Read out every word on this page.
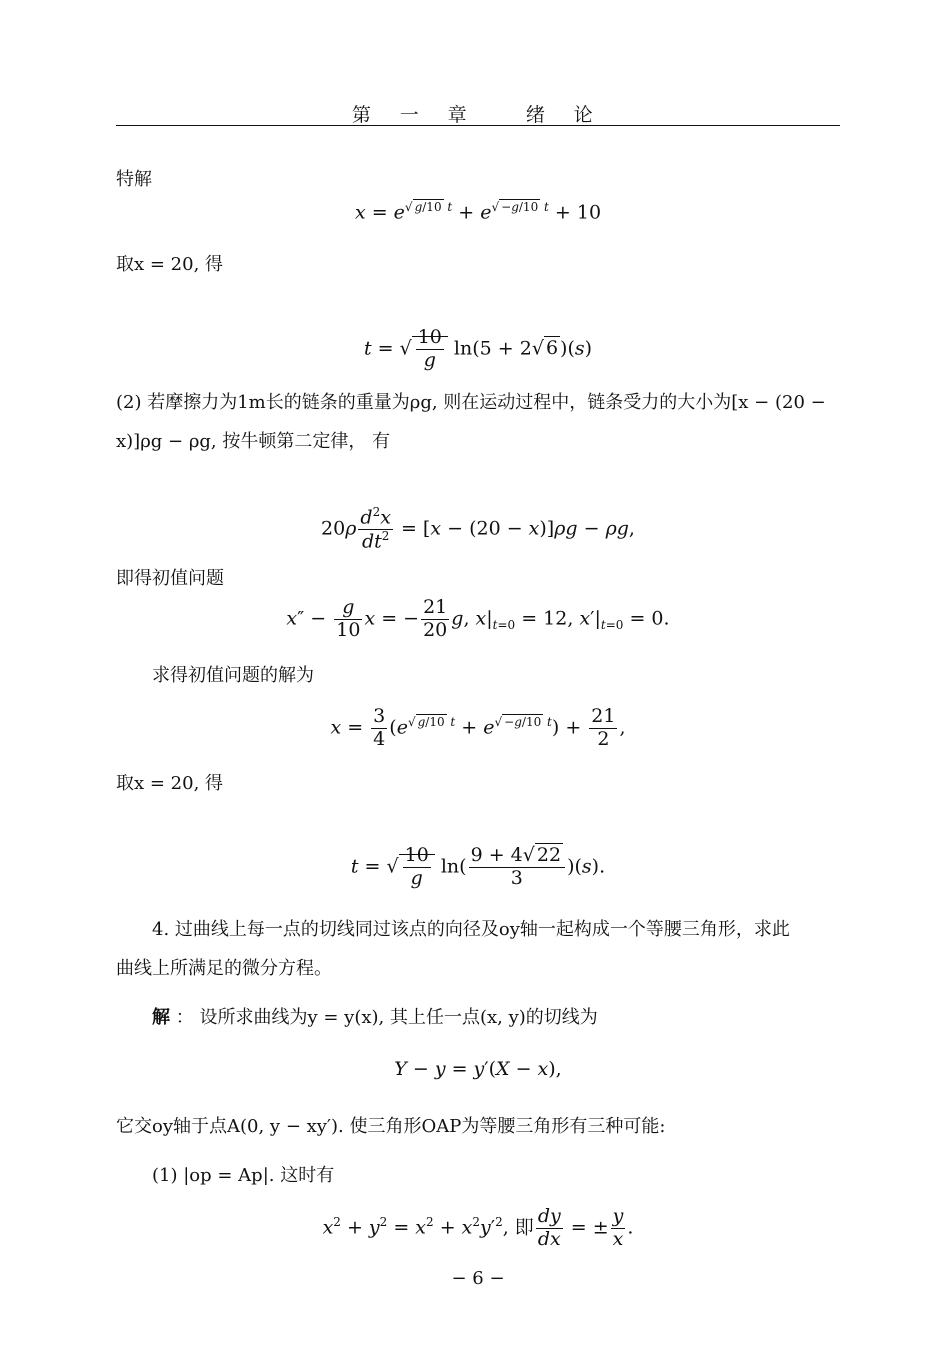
第 一 章　 绪 论
特解
$x = e^{√ g/10 t} + e^{√ -g/10 t} + 10$
取x = 20, 得
t = √ $\frac{10}{g} \ln(5 + 2√$ 6 )(s)
(2) 若摩擦力为1m长的链条的重量为ρg, 则在运动过程中，链条受力的大小为[x − (20 −
x)]ρg − ρg, 按牛顿第二定律， 有
$20\rho \frac{d^2x}{dt^2} = [x - (20 - x)]\rho g - \rho g$,
即得初值问题
$x'' - \frac{g}{10}$ x = − $\frac{21}{20} g$, $x|_{t=0} = 12$, $x'|_{t=0} = 0$.
求得初值问题的解为
$x = \frac{3}{4} (e^{√ g/10 t} + e^{√ -g/10 t}) + \frac{21}{2}$ ,
取x = 20, 得
t = √ $\frac{10}{g} \ln( \frac{9 + 4√ 22}{3} )(s)$.
4. 过曲线上每一点的切线同过该点的向径及oy轴一起构成一个等腰三角形，求此
曲线上所满足的微分方程。
解 ： 设所求曲线为y = y(x), 其上任一点(x, y)的切线为
Y − y = y′(X − x),
它交oy轴于点A(0, y − xy′). 使三角形OAP为等腰三角形有三种可能:
(1) |op = Ap|. 这时有
$x^2 + y^2 = x^2 + x^2y'^2$, 即 $\frac{dy}{dx}$ = ± $\frac{y}{x}$ .
− 6 −
